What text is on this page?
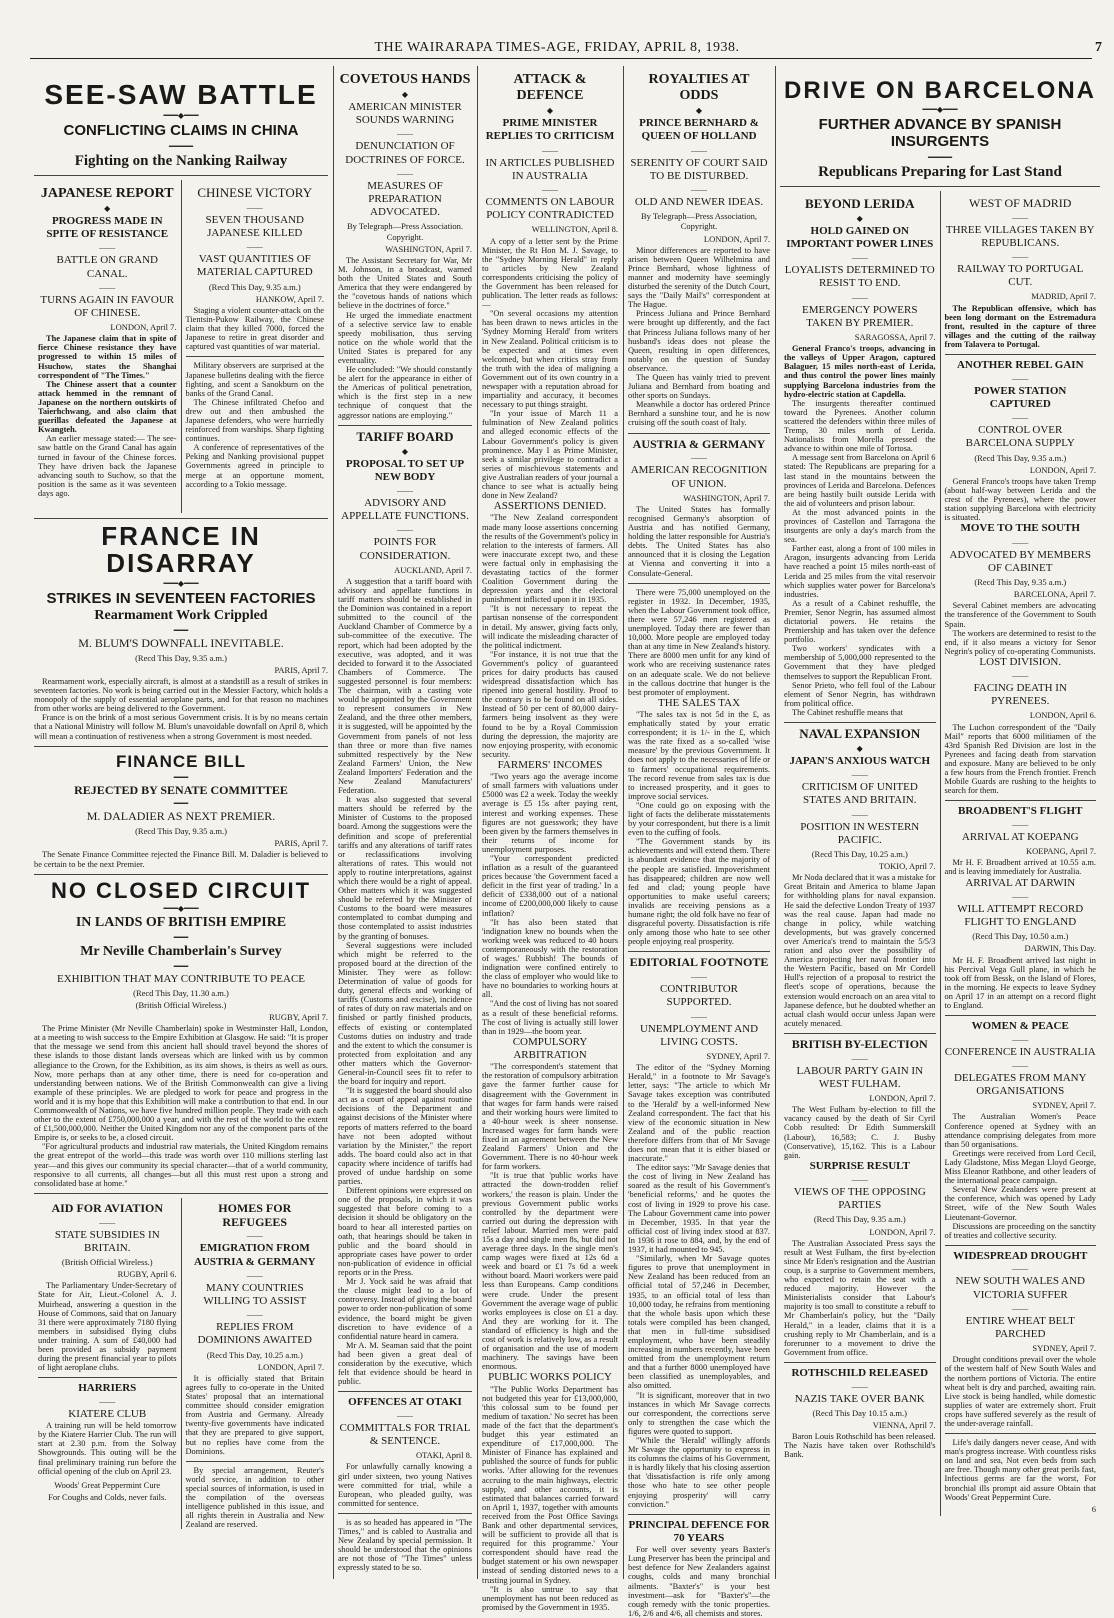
THE WAIRARAPA TIMES-AGE, FRIDAY, APRIL 8, 1938.	7
SEE-SAW BATTLE
━━━◆━━━
CONFLICTING CLAIMS IN CHINA
━━━━━
Fighting on the Nanking Railway
JAPANESE REPORT
◆
PROGRESS MADE IN SPITE OF RESISTANCE
——
BATTLE ON GRAND CANAL.
——
TURNS AGAIN IN FAVOUR OF CHINESE.
LONDON, April 7.

The Japanese claim that in spite of fierce Chinese resistance they have progressed to within 15 miles of Hsuchow, states the Shanghai correspondent of "The Times."

The Chinese assert that a counter attack hemmed in the remnant of Japanese on the northern outskirts of Taierhchwang, and also claim that guerillas defeated the Japanese at Kwangteh.

An earlier message stated:— The see-saw battle on the Grand Canal has again turned in favour of the Chinese forces. They have driven back the Japanese advancing south to Suchow, so that the position is the same as it was seventeen days ago.

CHINESE VICTORY
——
SEVEN THOUSAND JAPANESE KILLED
——
VAST QUANTITIES OF MATERIAL CAPTURED
(Recd This Day, 9.35 a.m.)
HANKOW, April 7.

Staging a violent counter-attack on the Tientsin-Pukow Railway, the Chinese claim that they killed 7000, forced the Japanese to retire in great disorder and captured vast quantities of war material.

Military observers are surprised at the Japanese bulletins dealing with the fierce fighting, and scent a Sanokburn on the banks of the Grand Canal.

The Chinese infiltrated Chefoo and drew out and then ambushed the Japanese defenders, who were hurriedly reinforced from warships. Sharp fighting continues.

A conference of representatives of the Peking and Nanking provisional puppet Governments agreed in principle to merge at an opportune moment, according to a Tokio message.

FRANCE IN DISARRAY
━━━◆━━━
STRIKES IN SEVENTEEN FACTORIES
Rearmament Work Crippled
━━━
M. BLUM'S DOWNFALL INEVITABLE.
(Recd This Day, 9.35 a.m.)
PARIS, April 7.

Rearmament work, especially aircraft, is almost at a standstill as a result of strikes in seventeen factories. No work is being carried out in the Messier Factory, which holds a monopoly of the supply of essential aeroplane parts, and for that reason no machines from other works are being delivered to the Government.

France is on the brink of a most serious Government crisis. It is by no means certain that a National Ministry will follow M. Blum's unavoidable downfall on April 8, which will mean a continuation of restiveness when a strong Government is most needed.

FINANCE BILL
━━━
REJECTED BY SENATE COMMITTEE
━━━
M. DALADIER AS NEXT PREMIER.
(Recd This Day, 9.35 a.m.)
PARIS, April 7.

The Senate Finance Committee rejected the Finance Bill. M. Daladier is believed to be certain to be the next Premier.

NO CLOSED CIRCUIT
━━━◆━━━
IN LANDS OF BRITISH EMPIRE
━━━
Mr Neville Chamberlain's Survey
━━━
EXHIBITION THAT MAY CONTRIBUTE TO PEACE
(Recd This Day, 11.30 a.m.)
(British Official Wireless.)
RUGBY, April 7.

The Prime Minister (Mr Neville Chamberlain) spoke in Westminster Hall, London, at a meeting to wish success to the Empire Exhibition at Glasgow. He said: "It is proper that the message we send from this ancient hall should travel beyond the shores of these islands to those distant lands overseas which are linked with us by common allegiance to the Crown, for the Exhibition, as its aim shows, is theirs as well as ours. Now, more perhaps than at any other time, there is need for co-operation and understanding between nations. We of the British Commonwealth can give a living example of these principles. We are pledged to work for peace and progress in the world and it is my hope that this Exhibition will make a contribution to that end. In our Commonwealth of Nations, we have five hundred million people. They trade with each other to the extent of £750,000,000 a year, and with the rest of the world to the extent of £1,500,000,000. Neither the United Kingdom nor any of the component parts of the Empire is, or seeks to be, a closed circuit.

"For agricultural products and industrial raw materials, the United Kingdom remains the great entrepot of the world—this trade was worth over 110 millions sterling last year—and this gives our community its special character—that of a world community, responsive to all currents, all changes—but all this must rest upon a strong and consolidated base at home."

AID FOR AVIATION
——
STATE SUBSIDIES IN BRITAIN.
(British Official Wireless.)
RUGBY, April 6.

The Parliamentary Under-Secretary of State for Air, Lieut.-Colonel A. J. Muirhead, answering a question in the House of Commons, said that on January 31 there were approximately 7180 flying members in subsidised flying clubs under training. A sum of £40,000 had been provided as subsidy payment during the present financial year to pilots of light aeroplane clubs.

HARRIERS
——
KIATERE CLUB

A training run will be held tomorrow by the Kiatere Harrier Club. The run will start at 2.30 p.m. from the Solway Showgrounds. This outing will be the final preliminary training run before the official opening of the club on April 23.

Woods' Great Peppermint Cure
For Coughs and Colds, never fails.
HOMES FOR REFUGEES
——
EMIGRATION FROM AUSTRIA & GERMANY
——
MANY COUNTRIES WILLING TO ASSIST
——
REPLIES FROM DOMINIONS AWAITED
(Recd This Day, 10.25 a.m.)
LONDON, April 7.

It is officially stated that Britain agrees fully to co-operate in the United States' proposal that an international committee should consider emigration from Austria and Germany. Already twenty-five governments have indicated that they are prepared to give support, but no replies have come from the Dominions.

By special arrangement, Reuter's world service, in addition to other special sources of information, is used in the compilation of the overseas intelligence published in this issue, and all rights therein in Australia and New Zealand are reserved.

COVETOUS HANDS
◆
AMERICAN MINISTER SOUNDS WARNING
——
DENUNCIATION OF DOCTRINES OF FORCE.
——
MEASURES OF PREPARATION ADVOCATED.
By Telegraph—Press Association. Copyright.
WASHINGTON, April 7.

The Assistant Secretary for War, Mr M. Johnson, in a broadcast, warned both the United States and South America that they were endangered by the "covetous hands of nations which believe in the doctrines of force."

He urged the immediate enactment of a selective service law to enable speedy mobilisation, thus serving notice on the whole world that the United States is prepared for any eventuality.

He concluded: "We should constantly be alert for the appearance in either of the Americas of political penetration, which is the first step in a new technique of conquest that the aggressor nations are employing."

TARIFF BOARD
◆
PROPOSAL TO SET UP NEW BODY
——
ADVISORY AND APPELLATE FUNCTIONS.
——
POINTS FOR CONSIDERATION.
AUCKLAND, April 7.

A suggestion that a tariff board with advisory and appellate functions in tariff matters should be established in the Dominion was contained in a report submitted to the council of the Auckland Chamber of Commerce by a sub-committee of the executive. The report, which had been adopted by the executive, was adopted, and it was decided to forward it to the Associated Chambers of Commerce. The suggested personnel is four members: The chairman, with a casting vote would be appointed by the Government to represent consumers in New Zealand, and the three other members, it is suggested, will be appointed by the Government from panels of not less than three or more than five names submitted respectively by the New Zealand Farmers' Union, the New Zealand Importers' Federation and the New Zealand Manufacturers' Federation.

It was also suggested that several matters should be referred by the Minister of Customs to the proposed board. Among the suggestions were the definition and scope of preferential tariffs and any alterations of tariff rates or reclassifications involving alterations of rates. This would not apply to routine interpretations, against which there would be a right of appeal. Other matters which it was suggested should be referred by the Minister of Customs to the board were measures contemplated to combat dumping and those contemplated to assist industries by the granting of bonuses.

Several suggestions were included which might be referred to the proposed board at the direction of the Minister. They were as follow: Determination of value of goods for duty, general effects and working of tariffs (Customs and excise), incidence of rates of duty on raw materials and on finished or partly finished products, effects of existing or contemplated Customs duties on industry and trade and the extent to which the consumer is protected from exploitation and any other matters which the Governor-General-in-Council sees fit to refer to the board for inquiry and report.

"It is suggested the board should also act as a court of appeal against routine decisions of the Department and against decisions of the Minister where reports of matters referred to the board have not been adopted without variation by the Minister," the report adds. The board could also act in that capacity where incidence of tariffs had proved of undue hardship on some parties.

Different opinions were expressed on one of the proposals, in which it was suggested that before coming to a decision it should be obligatory on the board to hear all interested parties on oath, that hearings should be taken in public and the board should in appropriate cases have power to order non-publication of evidence in official reports or in the Press.

Mr J. Yock said he was afraid that the clause might lead to a lot of controversy. Instead of giving the board power to order non-publication of some evidence, the board might be given discretion to have evidence of a confidential nature heard in camera.

Mr A. M. Seaman said that the point had been given a great deal of consideration by the executive, which felt that evidence should be heard in public.

OFFENCES AT OTAKI
——
COMMITTALS FOR TRIAL & SENTENCE.
OTAKI, April 8.

For unlawfully carnally knowing a girl under sixteen, two young Natives were committed for trial, while a European, who pleaded guilty, was committed for sentence.

is as so headed has appeared in "The Times," and is cabled to Australia and New Zealand by special permission. It should be understood that the opinions are not those of "The Times" unless expressly stated to be so.

ATTACK & DEFENCE
◆
PRIME MINISTER REPLIES TO CRITICISM
——
IN ARTICLES PUBLISHED IN AUSTRALIA
——
COMMENTS ON LABOUR POLICY CONTRADICTED
WELLINGTON, April 8.

A copy of a letter sent by the Prime Minister, the Rt Hon M. J. Savage, to the "Sydney Morning Herald" in reply to articles by New Zealand correspondents criticising the policy of the Government has been released for publication. The letter reads as follows:—

"On several occasions my attention has been drawn to news articles in the 'Sydney Morning Herald' from writers in New Zealand. Political criticism is to be expected and at times even welcomed, but when critics stray from the truth with the idea of maligning a Government out of its own country in a newspaper with a reputation abroad for impartiality and accuracy, it becomes necessary to put things straight.

"In your issue of March 11 a fulmination of New Zealand politics and alleged economic effects of the Labour Government's policy is given prominence. May I as Prime Minister, seek a similar privilege to contradict a series of mischievous statements and give Australian readers of your journal a chance to see what is actually being done in New Zealand?

ASSERTIONS DENIED.

"The New Zealand correspondent made many loose assertions concerning the results of the Government's policy in relation to the interests of farmers. All were inaccurate except two, and these were factual only in emphasising the devastating tactics of the former Coalition Government during the depression years and the electoral punishment inflicted upon it in 1935.

"It is not necessary to repeat the partisan nonsense of the correspondent in detail. My answer, giving facts only, will indicate the misleading character of the political indictment.

"For instance, it is not true that the Government's policy of guaranteed prices for dairy products has caused widespread dissatisfaction which has ripened into general hostility. Proof to the contrary is to be found on all sides. Instead of 50 per cent of 80,000 dairy-farmers being insolvent as they were found to be by a Royal Commission during the depression, the majority are now enjoying prosperity, with economic security.

FARMERS' INCOMES

"Two years ago the average income of small farmers with valuations under £5000 was £2 a week. Today the weekly average is £5 15s after paying rent, interest and working expenses. These figures are not guesswork; they have been given by the farmers themselves in their returns of income for unemployment purposes.

"Your correspondent predicted inflation as a result of the guaranteed prices because 'the Government faced a deficit in the first year of trading.' In a deficit of £338,000 out of a national income of £200,000,000 likely to cause inflation?

"It has also been stated that 'indignation knew no bounds when the working week was reduced to 40 hours contemporaneously with the restoration of wages.' Rubbish! The bounds of indignation were confined entirely to the class of employer who would like to have no boundaries to working hours at all.

"And the cost of living has not soared as a result of these beneficial reforms. The cost of living is actually still lower than in 1929—the boom year.

COMPULSORY ARBITRATION

"The correspondent's statement that the restoration of compulsory arbitration gave the farmer further cause for disagreement with the Government in that wages for farm hands were raised and their working hours were limited to a 40-hour week is sheer nonsense. Increased wages for farm hands were fixed in an agreement between the New Zealand Farmers' Union and the Government. There is no 40-hour week for farm workers.

"It is true that 'public works have attracted the down-trodden relief workers,' the reason is plain. Under the previous Government public works controlled by the department were carried out during the depression with relief labour. Married men were paid 15s a day and single men 8s, but did not average three days. In the single men's camp wages were fixed at 12s 6d a week and board or £1 7s 6d a week without board. Maori workers were paid less than Europeans. Camp conditions were crude. Under the present Government the average wage of public works employees is close on £1 a day. And they are working for it. The standard of efficiency is high and the cost of work is relatively low, as a result of organisation and the use of modern machinery. The savings have been enormous.

PUBLIC WORKS POLICY

"The Public Works Department has not budgeted this year for £13,000,000, 'this colossal sum to be found per medium of taxation.' No secret has been made of the fact that the department's budget this year estimated an expenditure of £17,000,000. The Minister of Finance has explained and published the source of funds for public works. 'After allowing for the revenues accruing to the main highways, electric supply, and other accounts, it is estimated that balances carried forward on April 1, 1937, together with amounts received from the Post Office Savings Bank and other departmental services, will be sufficient to provide all that is required for this programme.' Your correspondent should have read the budget statement or his own newspaper instead of sending distorted news to a trusting journal in Sydney.

"It is also untrue to say that unemployment has not been reduced as promised by the Government in 1935.

ROYALTIES AT ODDS
◆
PRINCE BERNHARD & QUEEN OF HOLLAND
——
SERENITY OF COURT SAID TO BE DISTURBED.
——
OLD AND NEWER IDEAS.
By Telegraph—Press Association, Copyright.
LONDON, April 7.

Minor differences are reported to have arisen between Queen Wilhelmina and Prince Bernhard, whose lightness of manner and modernity have seemingly disturbed the serenity of the Dutch Court, says the "Daily Mail's" correspondent at The Hague.

Princess Juliana and Prince Bernhard were brought up differently, and the fact that Princess Juliana follows many of her husband's ideas does not please the Queen, resulting in open differences, notably on the question of Sunday observance.

The Queen has vainly tried to prevent Juliana and Bernhard from boating and other sports on Sundays.

Meanwhile a doctor has ordered Prince Bernhard a sunshine tour, and he is now cruising off the south coast of Italy.

AUSTRIA & GERMANY
——
AMERICAN RECOGNITION OF UNION.
WASHINGTON, April 7.

The United States has formally recognised Germany's absorption of Austria and has notified Germany, holding the latter responsible for Austria's debts. The United States has also announced that it is closing the Legation at Vienna and converting it into a Consulate-General.

There were 75,000 unemployed on the register in 1932. In December, 1935, when the Labour Government took office, there were 57,246 men registered as unemployed. Today there are fewer than 10,000. More people are employed today than at any time in New Zealand's history. There are 8000 men unfit for any kind of work who are receiving sustenance rates on an adequate scale. We do not believe in the callous doctrine that hunger is the best promoter of employment.

THE SALES TAX

"The sales tax is not 5d in the £, as emphatically stated by your erratic correspondent; it is 1/- in the £, which was the rate fixed as a so-called 'wise measure' by the previous Government. It does not apply to the necessaries of life or to farmers' occupational requirements. The record revenue from sales tax is due to increased prosperity, and it goes to improve social services.

"One could go on exposing with the light of facts the deliberate misstatements by your correspondent, but there is a limit even to the cuffing of fools.

"The Government stands by its achievements and will extend them. There is abundant evidence that the majority of the people are satisfied. Impoverishment has disappeared; children are now well fed and clad; young people have opportunities to make useful careers; invalids are receiving pensions as a humane right; the old folk have no fear of disgraceful poverty. Dissatisfaction is rife only among those who hate to see other people enjoying real prosperity.

EDITORIAL FOOTNOTE
——
CONTRIBUTOR SUPPORTED.
——
UNEMPLOYMENT AND LIVING COSTS.
SYDNEY, April 7.

The editor of the "Sydney Morning Herald," in a footnote to Mr Savage's letter, says: "The article to which Mr Savage takes exception was contributed to the 'Herald' by a well-informed New Zealand correspondent. The fact that his view of the economic situation in New Zealand and of the public reaction therefore differs from that of Mr Savage does not mean that it is either biased or inaccurate."

The editor says: "Mr Savage denies that the cost of living in New Zealand has soared as the result of his Government's 'beneficial reforms,' and he quotes the cost of living in 1929 to prove his case. The Labour Government came into power in December, 1935. In that year the official cost of living index stood at 837. In 1936 it rose to 884, and, by the end of 1937, it had mounted to 945.

"Similarly, when Mr Savage quotes figures to prove that unemployment in New Zealand has been reduced from an official total of 57,246 in December, 1935, to an official total of less than 10,000 today, he refrains from mentioning that the whole basis upon which these totals were compiled has been changed, that men in full-time subsidised employment, who have been steadily increasing in numbers recently, have been omitted from the unemployment return and that a further 8000 unemployed have been classified as unemployables, and also omitted.

"It is significant, moreover that in two instances in which Mr Savage corrects our correspondent, the corrections serve only to strengthen the case which the figures were quoted to support.

"While the 'Herald' willingly affords Mr Savage the opportunity to express in its columns the claims of his Government, it is hardly likely that his closing assertion that 'dissatisfaction is rife only among those who hate to see other people enjoying prosperity' will carry conviction."

PRINCIPAL DEFENCE FOR 70 YEARS

For well over seventy years Baxter's Lung Preserver has been the principal and best defence for New Zealanders against coughs, colds and many bronchial ailments. "Baxter's" is your best investment—ask for "Baxter's"—the cough remedy with the tonic properties. 1/6, 2/6 and 4/6, all chemists and stores.

DRIVE ON BARCELONA
━━━◆━━━
FURTHER ADVANCE BY SPANISH INSURGENTS
━━━━━
Republicans Preparing for Last Stand
BEYOND LERIDA
◆
HOLD GAINED ON IMPORTANT POWER LINES
——
LOYALISTS DETERMINED TO RESIST TO END.
——
EMERGENCY POWERS TAKEN BY PREMIER.
SARAGOSSA, April 7.

General Franco's troops, advancing in the valleys of Upper Aragon, captured Balaguer, 15 miles north-east of Lerida, and thus control the power lines mainly supplying Barcelona industries from the hydro-electric station at Capdella.

The insurgents thereafter continued toward the Pyrenees. Another column scattered the defenders within three miles of Tremp, 30 miles north of Lerida. Nationalists from Morella pressed the advance to within one mile of Tortosa.

A message sent from Barcelona on April 6 stated: The Republicans are preparing for a last stand in the mountains between the provinces of Lerida and Barcelona. Defences are being hastily built outside Lerida with the aid of volunteers and prison labour.

At the most advanced points in the provinces of Castellon and Tarragona the insurgents are only a day's march from the sea.

Farther east, along a front of 100 miles in Aragon, insurgents advancing from Lerida have reached a point 15 miles north-east of Lerida and 25 miles from the vital reservoir which supplies water power for Barcelona's industries.

As a result of a Cabinet reshuffle, the Premier, Senor Negrin, has assumed almost dictatorial powers. He retains the Premiership and has taken over the defence portfolio.

Two workers' syndicates with a membership of 5,000,000 represented to the Government that they have pledged themselves to support the Republican Front.

Senor Prieto, who fell foul of the Labour element of Senor Negrin, has withdrawn from political office.

The Cabinet reshuffle means that

NAVAL EXPANSION
◆
JAPAN'S ANXIOUS WATCH
——
CRITICISM OF UNITED STATES AND BRITAIN.
——
POSITION IN WESTERN PACIFIC.
(Recd This Day, 10.25 a.m.)
TOKIO, April 7.

Mr Noda declared that it was a mistake for Great Britain and America to blame Japan for withholding plans for naval expansion. He said the defective London Treaty of 1937 was the real cause. Japan had made no change in policy, while watching developments, but was gravely concerned over America's trend to maintain the 5/5/3 ration and also over the possibility of America projecting her naval frontier into the Western Pacific, based on Mr Cordell Hull's rejection of a proposal to restrict the fleet's scope of operations, because the extension would encroach on an area vital to Japanese defence, but he doubted whether an actual clash would occur unless Japan were acutely menaced.

BRITISH BY-ELECTION
——
LABOUR PARTY GAIN IN WEST FULHAM.
LONDON, April 7.

The West Fulham by-election to fill the vacancy caused by the death of Sir Cyril Cobb resulted: Dr Edith Summerskill (Labour), 16,583; C. J. Busby (Conservative), 15,162. This is a Labour gain.

SURPRISE RESULT
——
VIEWS OF THE OPPOSING PARTIES
(Recd This Day, 9.35 a.m.)
LONDON, April 7.

The Australian Associated Press says the result at West Fulham, the first by-election since Mr Eden's resignation and the Austrian coup, is a surprise to Government members, who expected to retain the seat with a reduced majority. However the Ministerialists consider that Labour's majority is too small to constitute a rebuff to Mr Chamberlain's policy, but the "Daily Herald," in a leader, claims that it is a crushing reply to Mr Chamberlain, and is a forerunner to a movement to drive the Government from office.

ROTHSCHILD RELEASED
——
NAZIS TAKE OVER BANK
(Recd This Day 10.15 a.m.)
VIENNA, April 7.

Baron Louis Rothschild has been released. The Nazis have taken over Rothschild's Bank.

WEST OF MADRID
——
THREE VILLAGES TAKEN BY REPUBLICANS.
——
RAILWAY TO PORTUGAL CUT.
MADRID, April 7.

The Republican offensive, which has been long dormant on the Estremadura front, resulted in the capture of three villages and the cutting of the railway from Talavera to Portugal.

ANOTHER REBEL GAIN
——
POWER STATION CAPTURED
——
CONTROL OVER BARCELONA SUPPLY
(Recd This Day, 9.35 a.m.)
LONDON, April 7.

General Franco's troops have taken Tremp (about half-way between Lerida and the crest of the Pyrenees), where the power station supplying Barcelona with electricity is situated.

MOVE TO THE SOUTH
——
ADVOCATED BY MEMBERS OF CABINET
(Recd This Day, 9.35 a.m.)
BARCELONA, April 7.

Several Cabinet members are advocating the transference of the Government to South Spain.

The workers are determined to resist to the end, if it also means a victory for Senor Negrin's policy of co-operating Communists.

LOST DIVISION.
——
FACING DEATH IN PYRENEES.
LONDON, April 6.

The Luchon correspondent of the "Daily Mail" reports that 6000 militiamen of the 43rd Spanish Red Division are lost in the Pyrenees and facing death from starvation and exposure. Many are believed to be only a few hours from the French frontier. French Mobile Guards are rushing to the heights to search for them.

BROADBENT'S FLIGHT
——
ARRIVAL AT KOEPANG
KOEPANG, April 7.

Mr H. F. Broadbent arrived at 10.55 a.m. and is leaving immediately for Australia.

ARRIVAL AT DARWIN
——
WILL ATTEMPT RECORD FLIGHT TO ENGLAND
(Recd This Day, 10.50 a.m.)
DARWIN, This Day.

Mr H. F. Broadbent arrived last night in his Percival Vega Gull plane, in which he took off from Bessk, on the Island of Flores, in the morning. He expects to leave Sydney on April 17 in an attempt on a record flight to England.

WOMEN & PEACE
——
CONFERENCE IN AUSTRALIA
——
DELEGATES FROM MANY ORGANISATIONS
SYDNEY, April 7.

The Australian Women's Peace Conference opened at Sydney with an attendance comprising delegates from more than 50 organisations.

Greetings were received from Lord Cecil, Lady Gladstone, Miss Megan Lloyd George, Miss Eleanor Rathbone, and other leaders of the international peace campaign.

Several New Zealanders were present at the conference, which was opened by Lady Street, wife of the New South Wales Lieutenant-Governor.

Discussions are proceeding on the sanctity of treaties and collective security.

WIDESPREAD DROUGHT
——
NEW SOUTH WALES AND VICTORIA SUFFER
——
ENTIRE WHEAT BELT PARCHED
SYDNEY, April 7.

Drought conditions prevail over the whole of the western half of New South Wales and the northern portions of Victoria. The entire wheat belt is dry and parched, awaiting rain. Live stock is being handled, while domestic supplies of water are extremely short. Fruit crops have suffered severely as the result of the under-average rainfall.

Life's daily dangers never cease, And with man's progress increase. With countless risks on land and sea, Not even beds from such are free. Though many other great perils fast, Infectious germs are far the worst, For bronchial ills prompt aid assure Obtain that Woods' Great Peppermint Cure.

6
